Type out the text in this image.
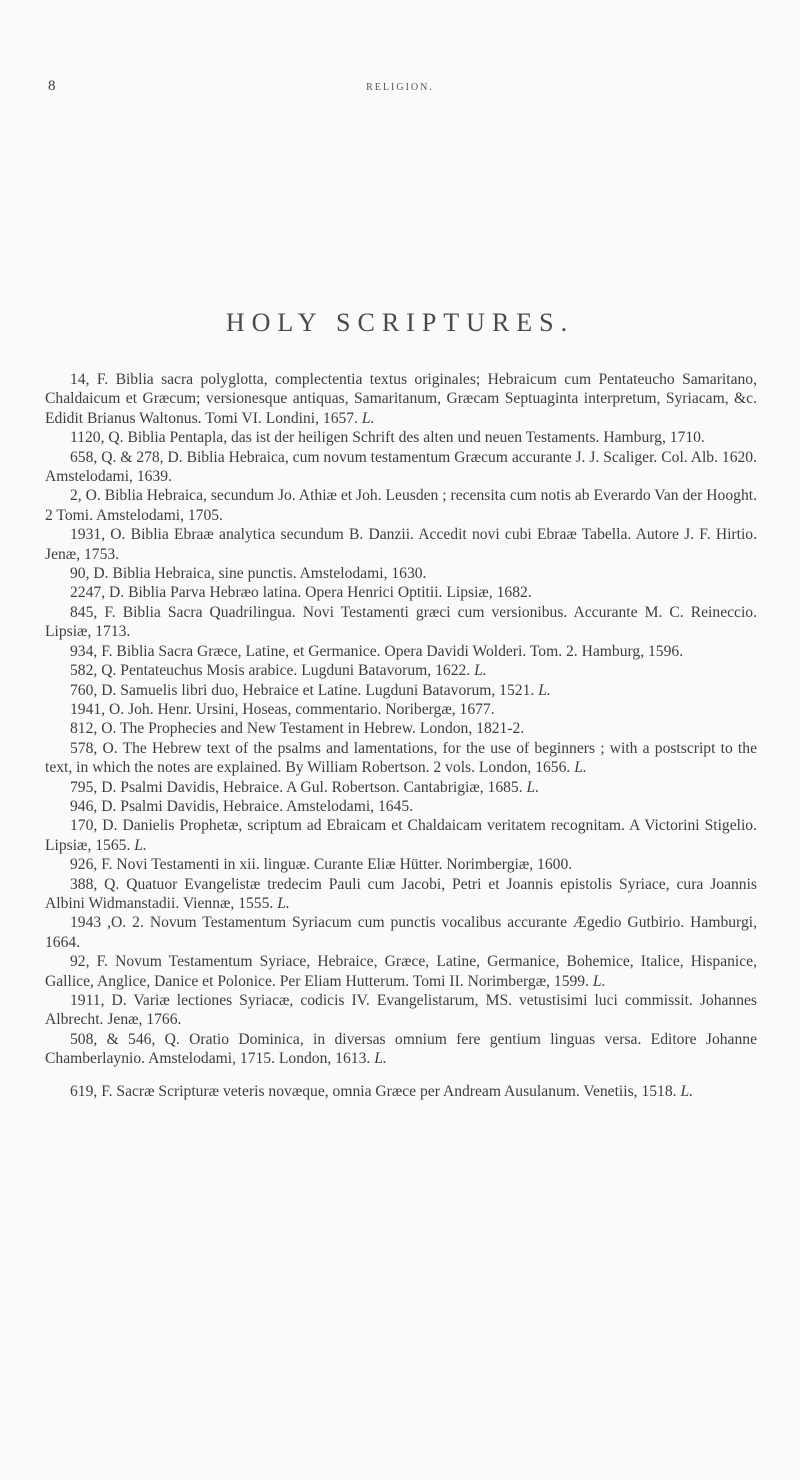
8	RELIGION.
HOLY SCRIPTURES.

14, F. Biblia sacra polyglotta, complectentia textus originales; Hebraicum cum Pentateucho Samaritano, Chaldaicum et Græcum; versionesque antiquas, Samaritanum, Græcam Septuaginta interpretum, Syriacam, &c. Edidit Brianus Waltonus. Tomi VI. Londini, 1657. L.

1120, Q. Biblia Pentapla, das ist der heiligen Schrift des alten und neuen Testaments. Hamburg, 1710.

658, Q. & 278, D. Biblia Hebraica, cum novum testamentum Græcum accurante J. J. Scaliger. Col. Alb. 1620. Amstelodami, 1639.

2, O. Biblia Hebraica, secundum Jo. Athiæ et Joh. Leusden ; recensita cum notis ab Everardo Van der Hooght. 2 Tomi. Amstelodami, 1705.

1931, O. Biblia Ebraæ analytica secundum B. Danzii. Accedit novi cubi Ebraæ Tabella. Autore J. F. Hirtio. Jenæ, 1753.

90, D. Biblia Hebraica, sine punctis. Amstelodami, 1630.

2247, D. Biblia Parva Hebræo latina. Opera Henrici Optitii. Lipsiæ, 1682.

845, F. Biblia Sacra Quadrilingua. Novi Testamenti græci cum versionibus. Accurante M. C. Reineccio. Lipsiæ, 1713.

934, F. Biblia Sacra Græce, Latine, et Germanice. Opera Davidi Wolderi. Tom. 2. Hamburg, 1596.

582, Q. Pentateuchus Mosis arabice. Lugduni Batavorum, 1622. L.

760, D. Samuelis libri duo, Hebraice et Latine. Lugduni Batavorum, 1521. L.

1941, O. Joh. Henr. Ursini, Hoseas, commentario. Noribergæ, 1677.

812, O. The Prophecies and New Testament in Hebrew. London, 1821-2.

578, O. The Hebrew text of the psalms and lamentations, for the use of beginners ; with a postscript to the text, in which the notes are explained. By William Robertson. 2 vols. London, 1656. L.

795, D. Psalmi Davidis, Hebraice. A Gul. Robertson. Cantabrigiæ, 1685. L.

946, D. Psalmi Davidis, Hebraice. Amstelodami, 1645.

170, D. Danielis Prophetæ, scriptum ad Ebraicam et Chaldaicam veritatem recognitam. A Victorini Stigelio. Lipsiæ, 1565. L.

926, F. Novi Testamenti in xii. linguæ. Curante Eliæ Hütter. Norimbergiæ, 1600.

388, Q. Quatuor Evangelistæ tredecim Pauli cum Jacobi, Petri et Joannis epistolis Syriace, cura Joannis Albini Widmanstadii. Viennæ, 1555. L.

1943 ,O. 2. Novum Testamentum Syriacum cum punctis vocalibus accurante Ægedio Gutbirio. Hamburgi, 1664.

92, F. Novum Testamentum Syriace, Hebraice, Græce, Latine, Germanice, Bohemice, Italice, Hispanice, Gallice, Anglice, Danice et Polonice. Per Eliam Hutterum. Tomi II. Norimbergæ, 1599. L.

1911, D. Variæ lectiones Syriacæ, codicis IV. Evangelistarum, MS. vetustisimi luci commissit. Johannes Albrecht. Jenæ, 1766.

508, & 546, Q. Oratio Dominica, in diversas omnium fere gentium linguas versa. Editore Johanne Chamberlaynio. Amstelodami, 1715. London, 1613. L.

619, F. Sacræ Scripturæ veteris novæque, omnia Græce per Andream Ausulanum. Venetiis, 1518. L.
